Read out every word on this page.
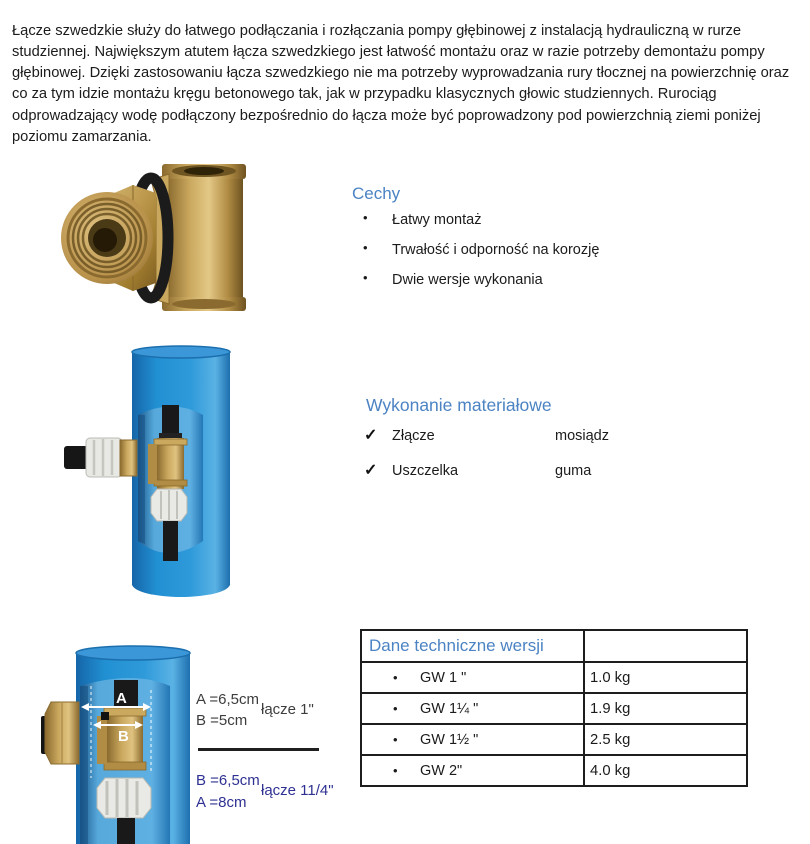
Łącze szwedzkie służy do łatwego podłączania i rozłączania pompy głębinowej z instalacją hydrauliczną w rurze studziennej. Największym atutem łącza szwedzkiego jest łatwość montażu oraz w razie potrzeby demontażu pompy głębinowej. Dzięki zastosowaniu łącza szwedzkiego nie ma potrzeby wyprowadzania rury tłocznej na powierzchnię oraz co za tym idzie montażu kręgu betonowego tak, jak w przypadku klasycznych głowic studziennych. Rurociąg odprowadzający wodę podłączony bezpośrednio do łącza może być poprowadzony pod powierzchnią ziemi poniżej poziomu zamarzania.

Cechy
• Łatwy montaż
• Trwałość i odporność na korozję
• Dwie wersje wykonania
Wykonanie materiałowe
✓ Złącze	mosiądz
✓ Uszczelka	guma
A
B
A =6,5cm
B =5cm
łącze 1"
B =6,5cm
A =8cm
łącze 11/4"
Dane techniczne wersji	
• GW 1 "	1.0 kg
• GW 1¼ "	1.9 kg
• GW 1½ "	2.5 kg
• GW 2"	4.0 kg
